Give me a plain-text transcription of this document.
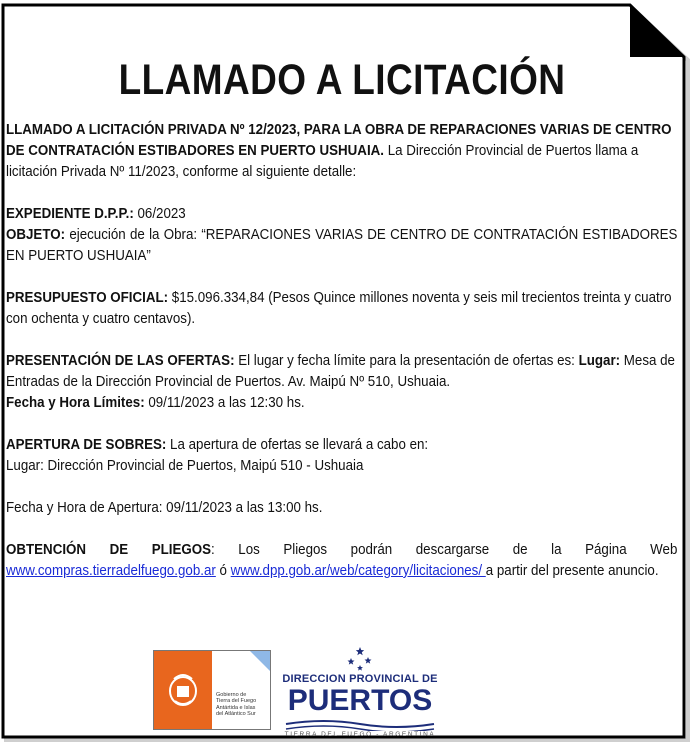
LLAMADO A LICITACIÓN

LLAMADO A LICITACIÓN PRIVADA Nº 12/2023, PARA LA OBRA DE REPARACIONES VARIAS DE CENTRO DE CONTRATACIÓN ESTIBADORES EN PUERTO USHUAIA. La Dirección Provincial de Puertos llama a licitación Privada Nº 11/2023, conforme al siguiente detalle:

EXPEDIENTE D.P.P.: 06/2023

OBJETO: ejecución de la Obra: “REPARACIONES VARIAS DE CENTRO DE CONTRATACIÓN ESTIBADORES EN PUERTO USHUAIA”

PRESUPUESTO OFICIAL: $15.096.334,84 (Pesos Quince millones noventa y seis mil trecientos treinta y cuatro con ochenta y cuatro centavos).

PRESENTACIÓN DE LAS OFERTAS: El lugar y fecha límite para la presentación de ofertas es: Lugar: Mesa de Entradas de la Dirección Provincial de Puertos. Av. Maipú Nº 510, Ushuaia.

Fecha y Hora Límites: 09/11/2023 a las 12:30 hs.

APERTURA DE SOBRES: La apertura de ofertas se llevará a cabo en:

Lugar: Dirección Provincial de Puertos, Maipú 510 - Ushuaia

Fecha y Hora de Apertura: 09/11/2023 a las 13:00 hs.

OBTENCIÓN DE PLIEGOS: Los Pliegos podrán descargarse de la Página Web www.compras.tierradelfuego.gob.ar ó www.dpp.gob.ar/web/category/licitaciones/ a partir del presente anuncio.

Gobierno de
Tierra del Fuego
Antártida e Islas
del Atlántico Sur
DIRECCION PROVINCIAL DE
PUERTOS
TIERRA DEL FUEGO - ARGENTINA
